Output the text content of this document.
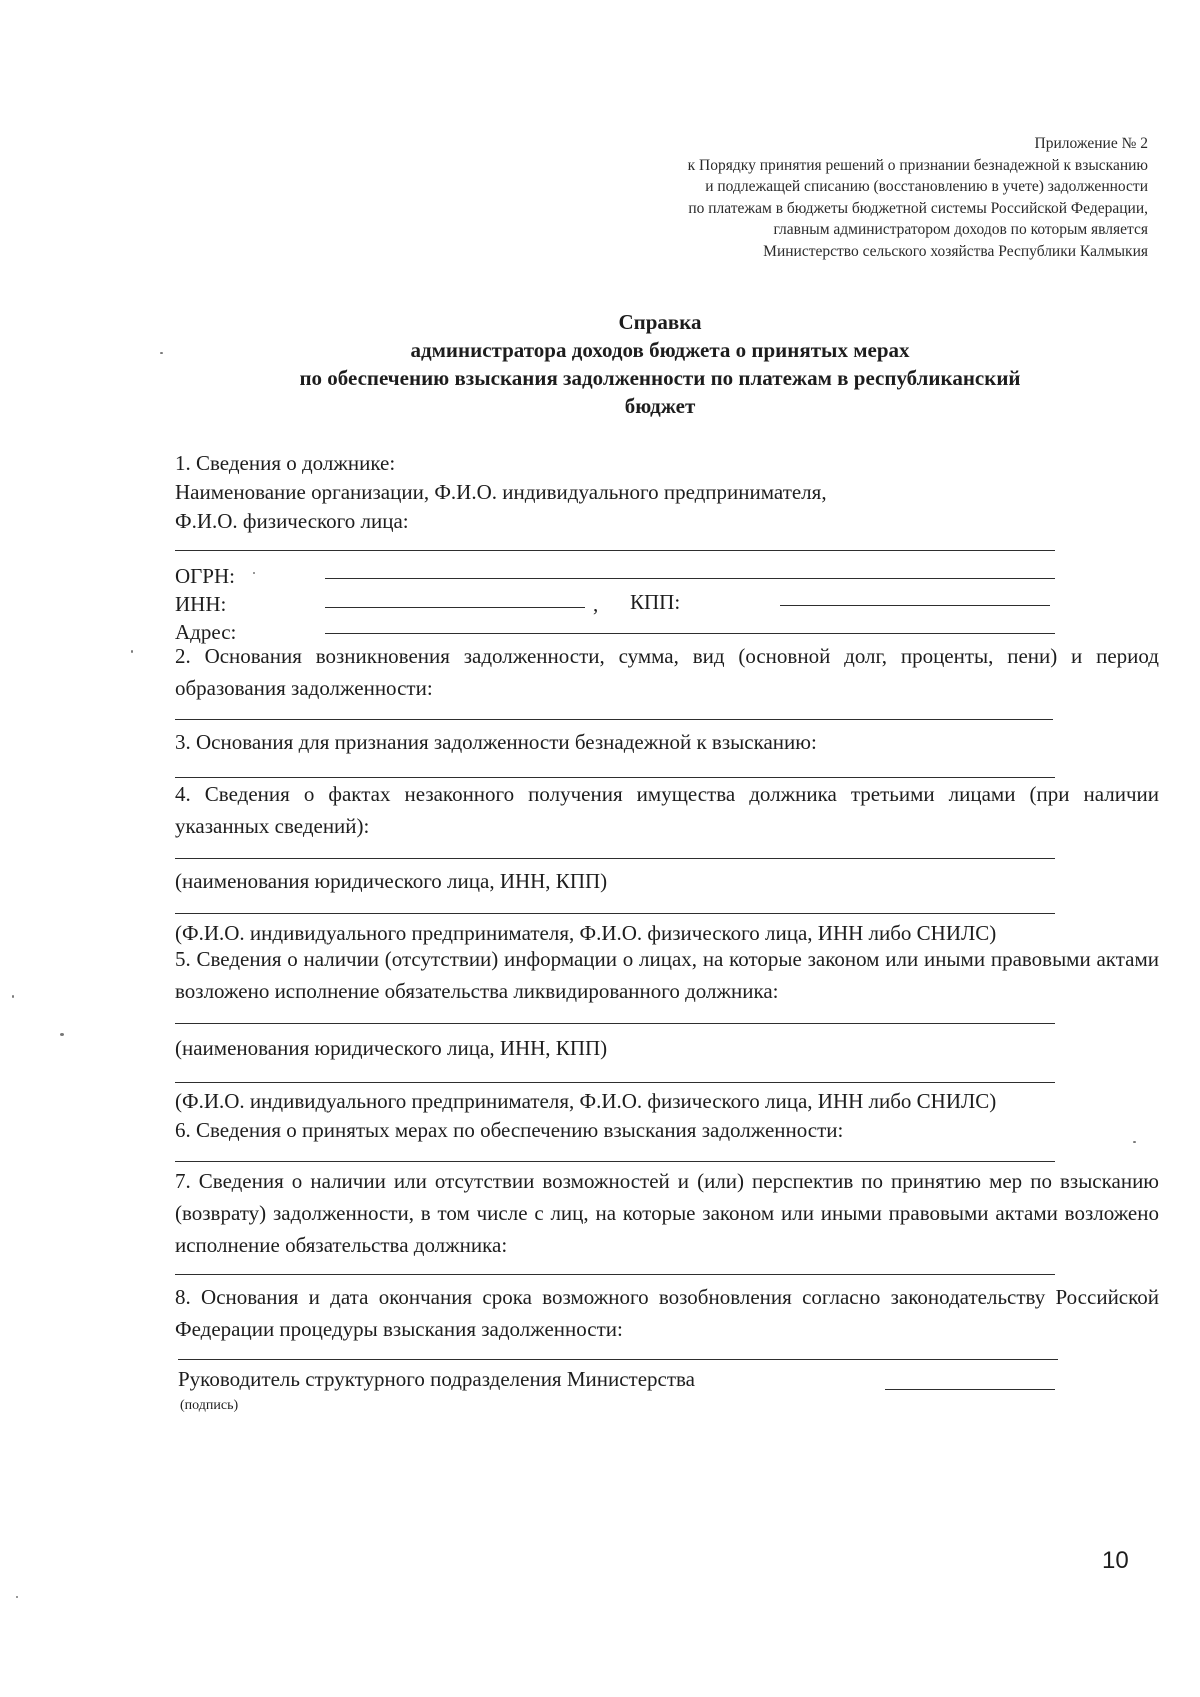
Приложение № 2
к Порядку принятия решений о признании безнадежной к взысканию
и подлежащей списанию (восстановлению в учете) задолженности
по платежам в бюджеты бюджетной системы Российской Федерации,
главным администратором доходов по которым является
Министерство сельского хозяйства Республики Калмыкия
Справка
администратора доходов бюджета о принятых мерах
по обеспечению взыскания задолженности по платежам в республиканский
бюджет
1. Сведения о должнике:
Наименование организации, Ф.И.О. индивидуального предпринимателя,
Ф.И.О. физического лица:
ОГРН:
ИНН:	, КПП:
Адрес:
2. Основания возникновения задолженности, сумма, вид (основной долг, проценты, пени) и период образования задолженности:
3. Основания для признания задолженности безнадежной к взысканию:
4. Сведения о фактах незаконного получения имущества должника третьими лицами (при наличии указанных сведений):
(наименования юридического лица, ИНН, КПП)
(Ф.И.О. индивидуального предпринимателя, Ф.И.О. физического лица, ИНН либо СНИЛС)
5. Сведения о наличии (отсутствии) информации о лицах, на которые законом или иными правовыми актами возложено исполнение обязательства ликвидированного должника:
(наименования юридического лица, ИНН, КПП)
(Ф.И.О. индивидуального предпринимателя, Ф.И.О. физического лица, ИНН либо СНИЛС)
6. Сведения о принятых мерах по обеспечению взыскания задолженности:
7. Сведения о наличии или отсутствии возможностей и (или) перспектив по принятию мер по взысканию (возврату) задолженности, в том числе с лиц, на которые законом или иными правовыми актами возложено исполнение обязательства должника:
8. Основания и дата окончания срока возможного возобновления согласно законодательству Российской Федерации процедуры взыскания задолженности:
Руководитель структурного подразделения Министерства
(подпись)
10
